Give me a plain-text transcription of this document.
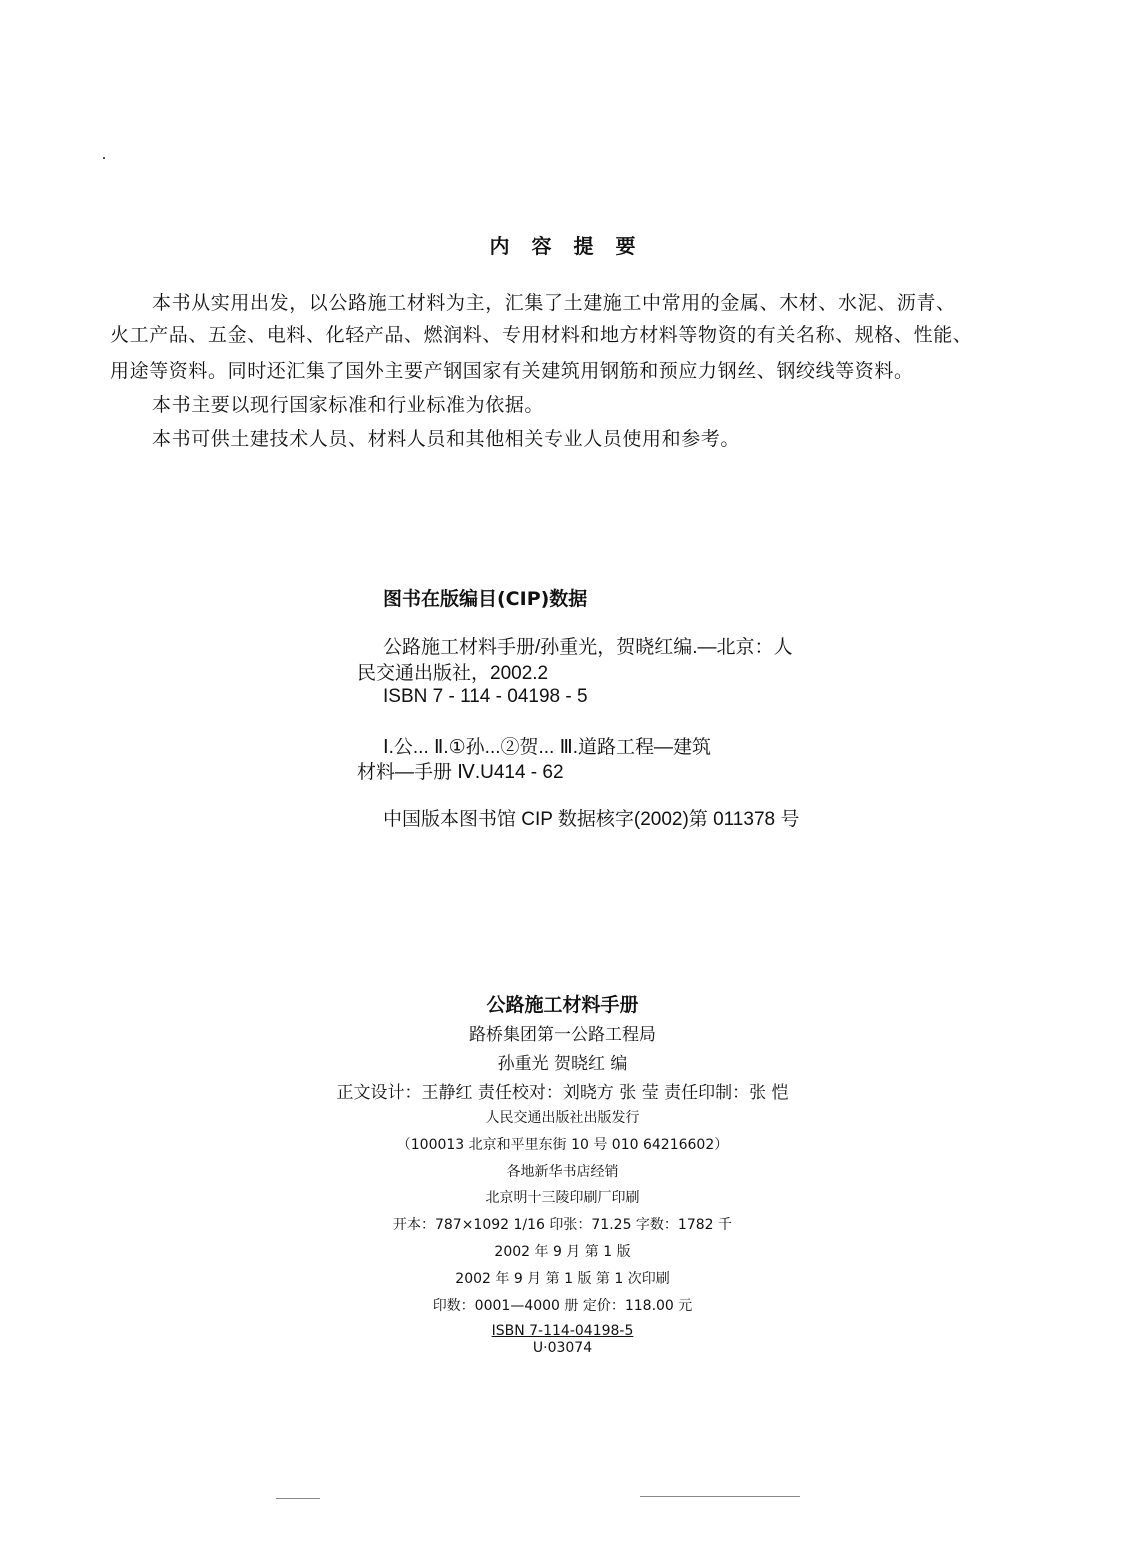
内容提要
本书从实用出发，以公路施工材料为主，汇集了土建施工中常用的金属、木材、水泥、沥青、
火工产品、五金、电料、化轻产品、燃润料、专用材料和地方材料等物资的有关名称、规格、性能、
用途等资料。同时还汇集了国外主要产钢国家有关建筑用钢筋和预应力钢丝、钢绞线等资料。
本书主要以现行国家标准和行业标准为依据。
本书可供土建技术人员、材料人员和其他相关专业人员使用和参考。
图书在版编目(CIP)数据
公路施工材料手册/孙重光，贺晓红编.—北京：人
民交通出版社，2002.2
ISBN 7 - 114 - 04198 - 5
Ⅰ.公... Ⅱ.①孙...②贺... Ⅲ.道路工程—建筑
材料—手册 Ⅳ.U414 - 62
中国版本图书馆 CIP 数据核字(2002)第 011378 号
公路施工材料手册
路桥集团第一公路工程局
孙重光 贺晓红 编
正文设计：王静红 责任校对：刘晓方 张 莹 责任印制：张 恺
人民交通出版社出版发行
（100013 北京和平里东街 10 号 010 64216602）
各地新华书店经销
北京明十三陵印刷厂印刷
开本：787×1092 1/16 印张：71.25 字数：1782 千
2002 年 9 月 第 1 版
2002 年 9 月 第 1 版 第 1 次印刷
印数：0001—4000 册 定价：118.00 元
ISBN 7-114-04198-5
U·03074
